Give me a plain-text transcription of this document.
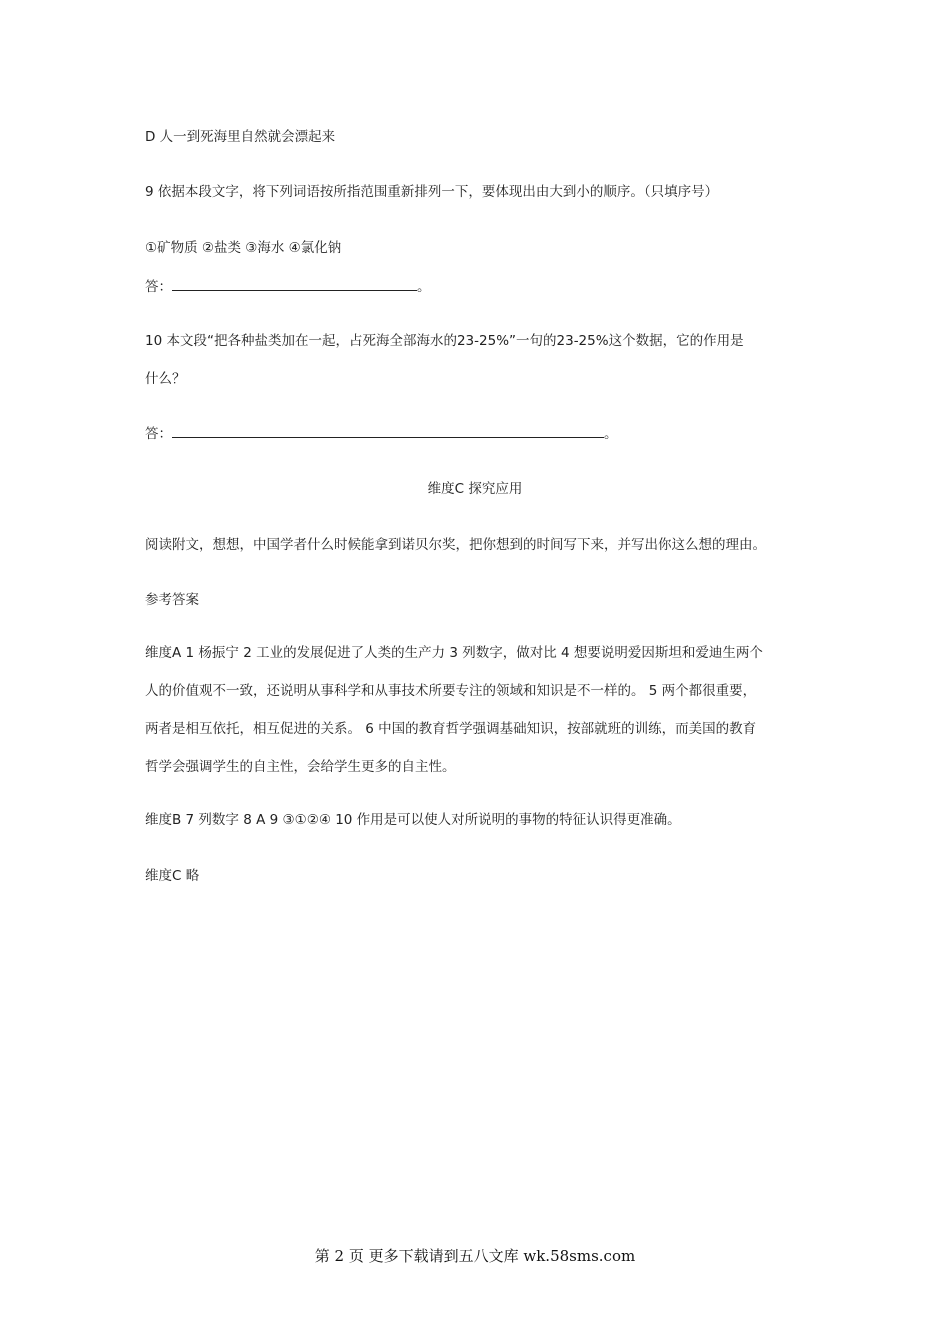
D 人一到死海里自然就会漂起来
9 依据本段文字，将下列词语按所指范围重新排列一下，要体现出由大到小的顺序。（只填序号）
①矿物质 ②盐类 ③海水 ④氯化钠
答：	。
10 本文段“把各种盐类加在一起，占死海全部海水的23-25%”一句的23-25%这个数据，它的作用是
什么？
答：	。
维度C 探究应用
阅读附文，想想，中国学者什么时候能拿到诺贝尔奖，把你想到的时间写下来，并写出你这么想的理由。
参考答案
维度A 1 杨振宁 2 工业的发展促进了人类的生产力 3 列数字，做对比 4 想要说明爱因斯坦和爱迪生两个
人的价值观不一致，还说明从事科学和从事技术所要专注的领域和知识是不一样的。 5 两个都很重要，
两者是相互依托，相互促进的关系。 6 中国的教育哲学强调基础知识，按部就班的训练，而美国的教育
哲学会强调学生的自主性，会给学生更多的自主性。
维度B 7 列数字 8 A 9 ③①②④ 10 作用是可以使人对所说明的事物的特征认识得更准确。
维度C 略
第 2 页 更多下载请到五八文库 wk.58sms.com
